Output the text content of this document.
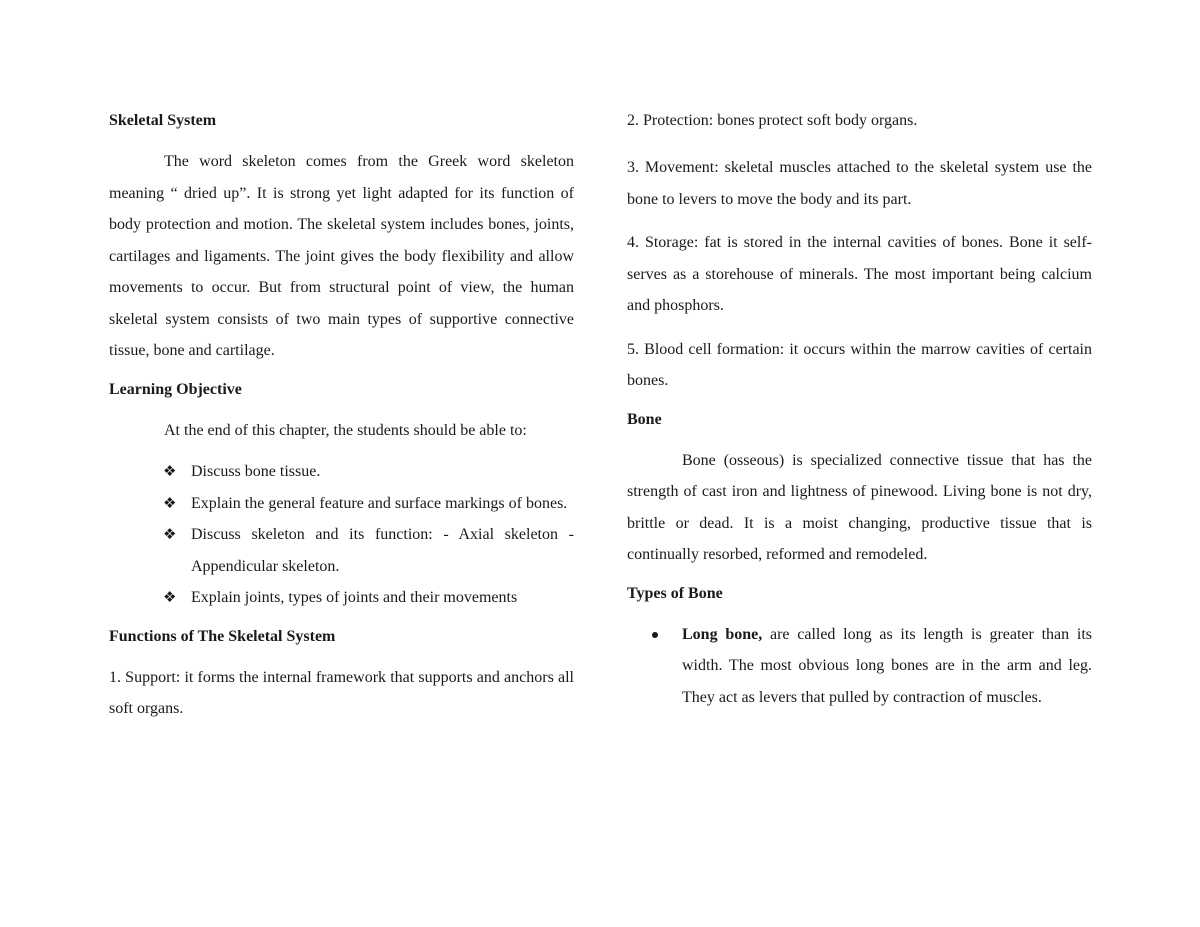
Skeletal System

The word skeleton comes from the Greek word skeleton meaning “ dried up”. It is strong yet light adapted for its function of body protection and motion. The skeletal system includes bones, joints, cartilages and ligaments. The joint gives the body flexibility and allow movements to occur. But from structural point of view, the human skeletal system consists of two main types of supportive connective tissue, bone and cartilage.

Learning Objective
At the end of this chapter, the students should be able to:
❖ Discuss bone tissue.
❖ Explain the general feature and surface markings of bones.
❖ Discuss skeleton and its function: - Axial skeleton - Appendicular skeleton.
❖ Explain joints, types of joints and their movements
Functions of The Skeletal System

1. Support: it forms the internal framework that supports and anchors all soft organs.

2. Protection: bones protect soft body organs.

3. Movement: skeletal muscles attached to the skeletal system use the bone to levers to move the body and its part.

4. Storage: fat is stored in the internal cavities of bones. Bone it self-serves as a storehouse of minerals. The most important being calcium and phosphors.

5. Blood cell formation: it occurs within the marrow cavities of certain bones.

Bone

Bone (osseous) is specialized connective tissue that has the strength of cast iron and lightness of pinewood. Living bone is not dry, brittle or dead. It is a moist changing, productive tissue that is continually resorbed, reformed and remodeled.

Types of Bone
Long bone, are called long as its length is greater than its width. The most obvious long bones are in the arm and leg. They act as levers that pulled by contraction of muscles.
